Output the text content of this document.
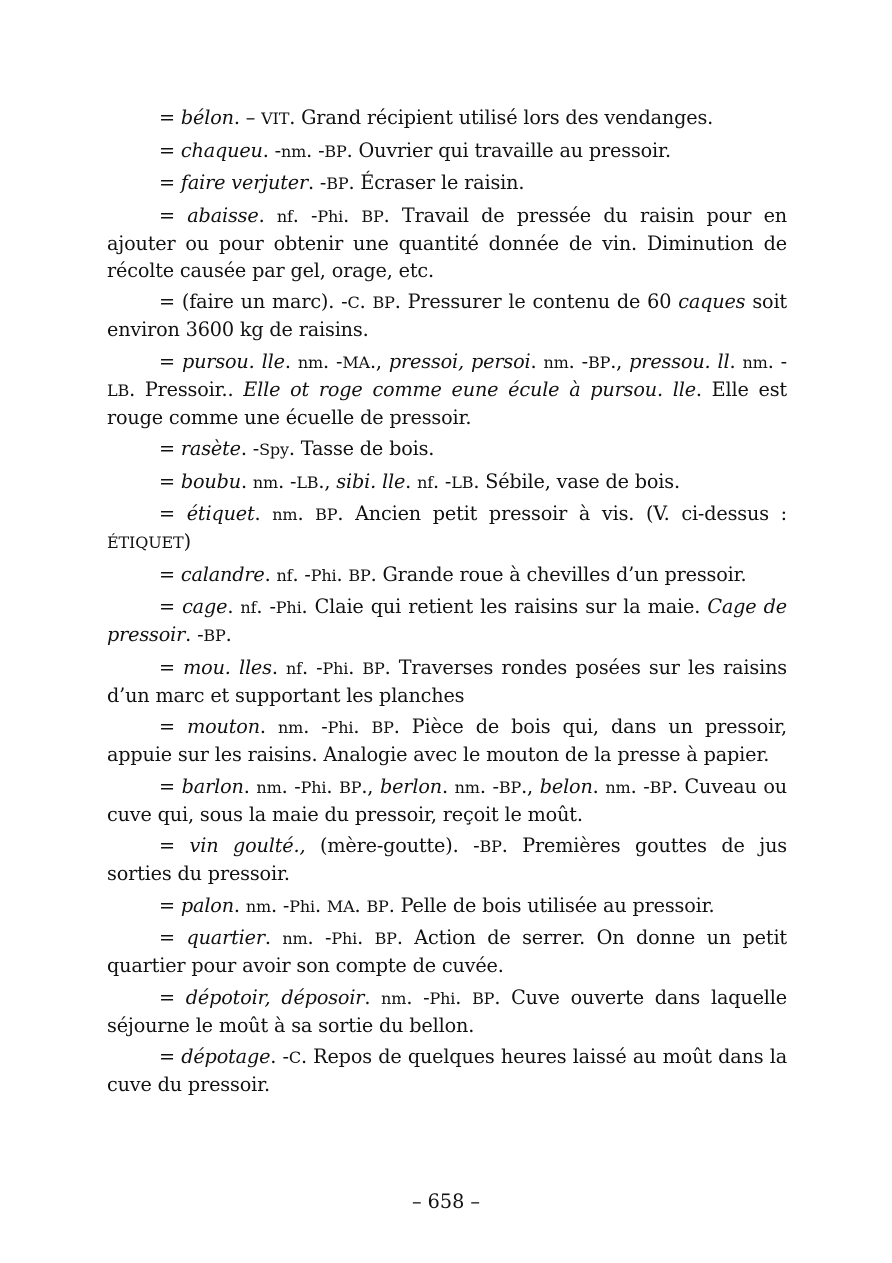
= bélon. – VIT. Grand récipient utilisé lors des vendanges.

= chaqueu. -nm. -BP. Ouvrier qui travaille au pressoir.

= faire verjuter. -BP. Écraser le raisin.

= abaisse. nf. -Phi. BP. Travail de pressée du raisin pour en ajouter ou pour obtenir une quantité donnée de vin. Diminution de récolte causée par gel, orage, etc.

= (faire un marc). -C. BP. Pressurer le contenu de 60 caques soit environ 3600 kg de raisins.

= pursou. lle. nm. -MA., pressoi, persoi. nm. -BP., pressou. ll. nm. -LB. Pressoir.. Elle ot roge comme eune écule à pursou. lle. Elle est rouge comme une écuelle de pressoir.

= rasète. -Spy. Tasse de bois.

= boubu. nm. -LB., sibi. lle. nf. -LB. Sébile, vase de bois.

= étiquet. nm. BP. Ancien petit pressoir à vis. (V. ci-dessus : ÉTIQUET)

= calandre. nf. -Phi. BP. Grande roue à chevilles d’un pressoir.

= cage. nf. -Phi. Claie qui retient les raisins sur la maie. Cage de pressoir. -BP.

= mou. lles. nf. -Phi. BP. Traverses rondes posées sur les raisins d’un marc et supportant les planches

= mouton. nm. -Phi. BP. Pièce de bois qui, dans un pressoir, appuie sur les raisins. Analogie avec le mouton de la presse à papier.

= barlon. nm. -Phi. BP., berlon. nm. -BP., belon. nm. -BP. Cuveau ou cuve qui, sous la maie du pressoir, reçoit le moût.

= vin goulté., (mère-goutte). -BP. Premières gouttes de jus sorties du pressoir.

= palon. nm. -Phi. MA. BP. Pelle de bois utilisée au pressoir.

= quartier. nm. -Phi. BP. Action de serrer. On donne un petit quartier pour avoir son compte de cuvée.

= dépotoir, déposoir. nm. -Phi. BP. Cuve ouverte dans laquelle séjourne le moût à sa sortie du bellon.

= dépotage. -C. Repos de quelques heures laissé au moût dans la cuve du pressoir.

– 658 –
